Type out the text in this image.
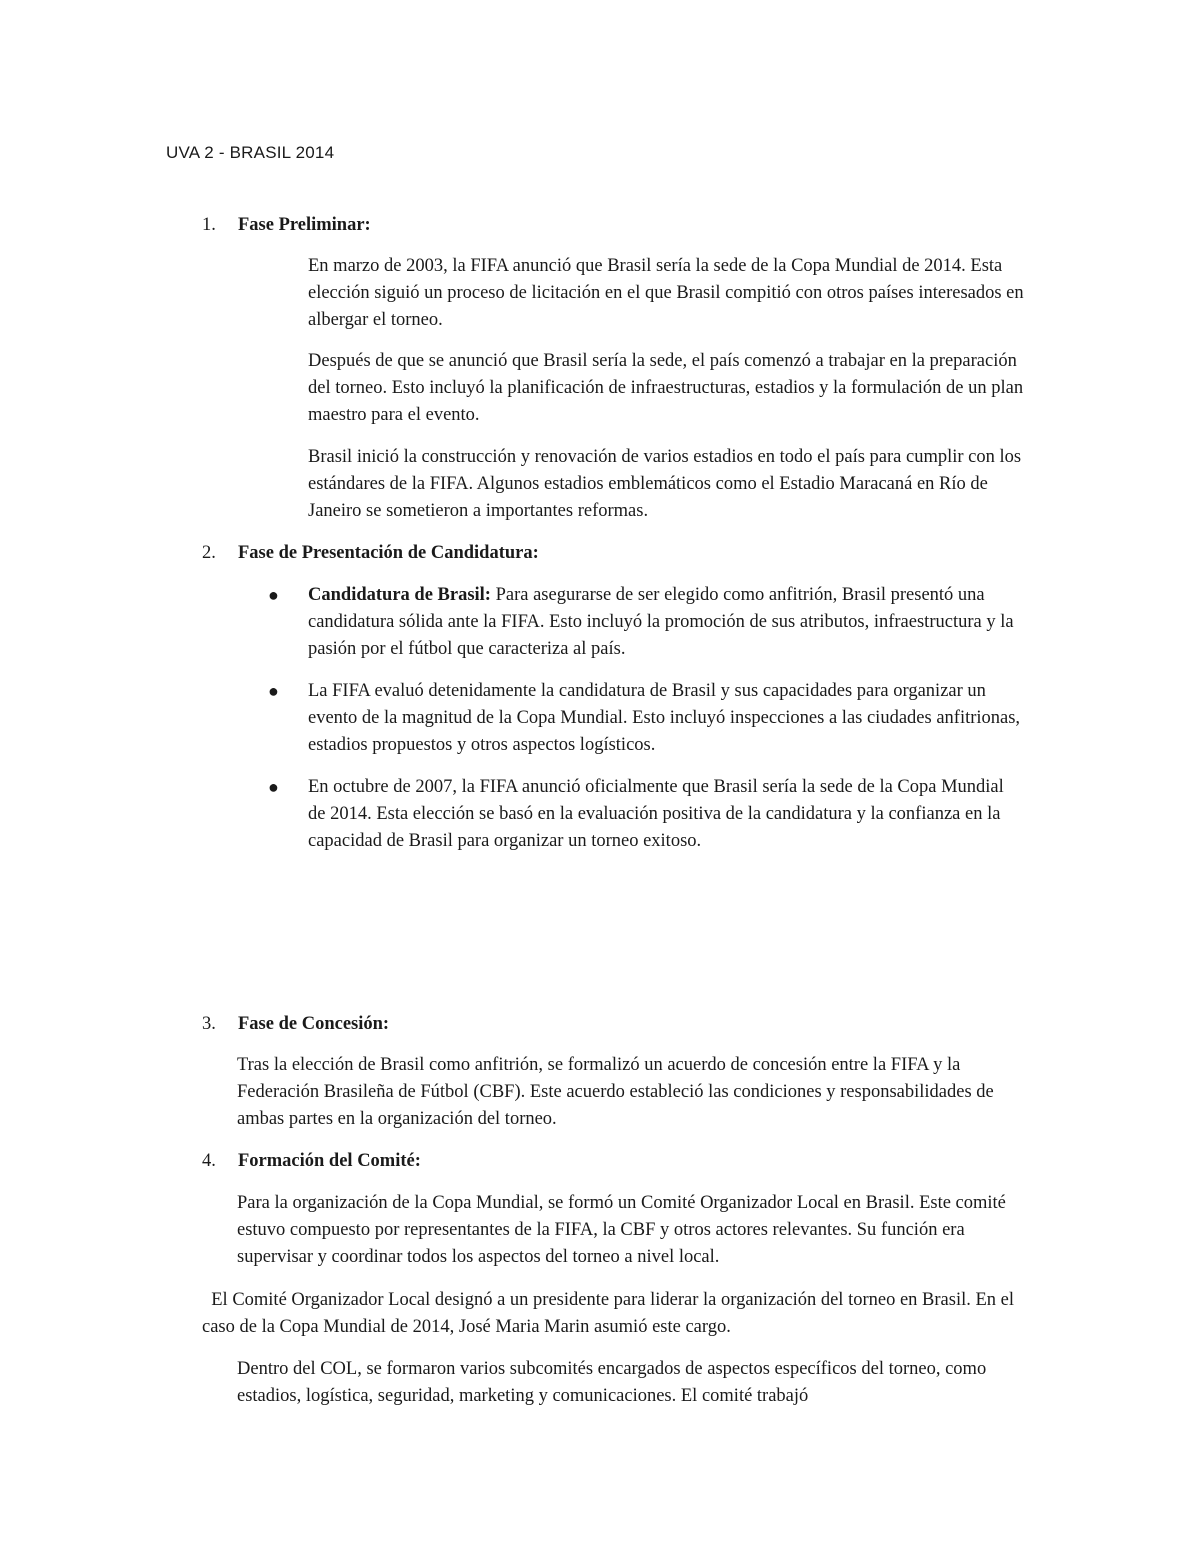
UVA 2 - BRASIL 2014
1. Fase Preliminar:

En marzo de 2003, la FIFA anunció que Brasil sería la sede de la Copa Mundial de 2014. Esta elección siguió un proceso de licitación en el que Brasil compitió con otros países interesados en albergar el torneo.

Después de que se anunció que Brasil sería la sede, el país comenzó a trabajar en la preparación del torneo. Esto incluyó la planificación de infraestructuras, estadios y la formulación de un plan maestro para el evento.

Brasil inició la construcción y renovación de varios estadios en todo el país para cumplir con los estándares de la FIFA. Algunos estadios emblemáticos como el Estadio Maracaná en Río de Janeiro se sometieron a importantes reformas.

2. Fase de Presentación de Candidatura:
● Candidatura de Brasil: Para asegurarse de ser elegido como anfitrión, Brasil presentó una candidatura sólida ante la FIFA. Esto incluyó la promoción de sus atributos, infraestructura y la pasión por el fútbol que caracteriza al país.

● La FIFA evaluó detenidamente la candidatura de Brasil y sus capacidades para organizar un evento de la magnitud de la Copa Mundial. Esto incluyó inspecciones a las ciudades anfitrionas, estadios propuestos y otros aspectos logísticos.

● En octubre de 2007, la FIFA anunció oficialmente que Brasil sería la sede de la Copa Mundial de 2014. Esta elección se basó en la evaluación positiva de la candidatura y la confianza en la capacidad de Brasil para organizar un torneo exitoso.

3. Fase de Concesión:

Tras la elección de Brasil como anfitrión, se formalizó un acuerdo de concesión entre la FIFA y la Federación Brasileña de Fútbol (CBF). Este acuerdo estableció las condiciones y responsabilidades de ambas partes en la organización del torneo.

4. Formación del Comité:

Para la organización de la Copa Mundial, se formó un Comité Organizador Local en Brasil. Este comité estuvo compuesto por representantes de la FIFA, la CBF y otros actores relevantes. Su función era supervisar y coordinar todos los aspectos del torneo a nivel local.

El Comité Organizador Local designó a un presidente para liderar la organización del torneo en Brasil. En el caso de la Copa Mundial de 2014, José Maria Marin asumió este cargo.

Dentro del COL, se formaron varios subcomités encargados de aspectos específicos del torneo, como estadios, logística, seguridad, marketing y comunicaciones. El comité trabajó
